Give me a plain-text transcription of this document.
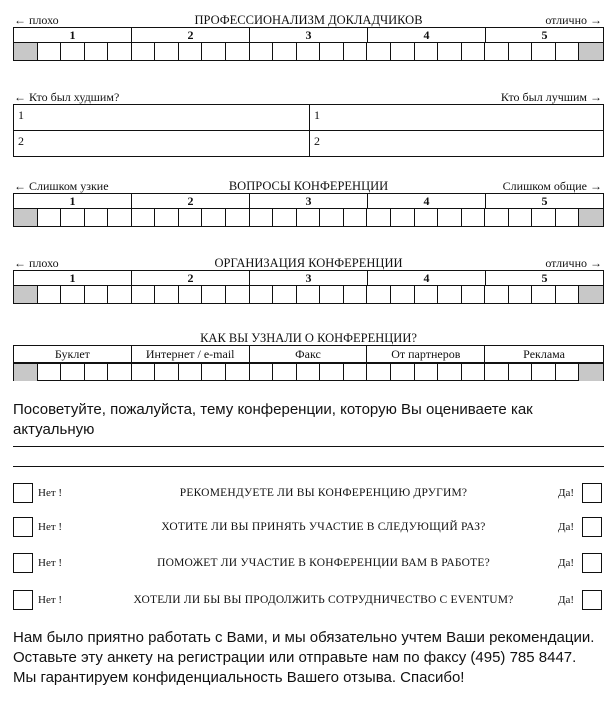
ПРОФЕССИОНАЛИЗМ ДОКЛАДЧИКОВ
← плохо	отлично →
1	2	3	4	5
← Кто был худшим?	Кто был лучшим →
1	1
2	2
ВОПРОСЫ КОНФЕРЕНЦИИ
← Слишком узкие	Слишком общие →
1	2	3	4	5
ОРГАНИЗАЦИЯ КОНФЕРЕНЦИИ
← плохо	отлично →
1	2	3	4	5
КАК ВЫ УЗНАЛИ О КОНФЕРЕНЦИИ?
Буклет	Интернет / e-mail	Факс	От партнеров	Реклама
Посоветуйте, пожалуйста, тему конференции, которую Вы оцениваете как актуальную
Нет !	РЕКОМЕНДУЕТЕ ЛИ ВЫ КОНФЕРЕНЦИЮ ДРУГИМ?	Да!
Нет !	ХОТИТЕ ЛИ ВЫ ПРИНЯТЬ УЧАСТИЕ В СЛЕДУЮЩИЙ РАЗ?	Да!
Нет !	ПОМОЖЕТ ЛИ УЧАСТИЕ В КОНФЕРЕНЦИИ ВАМ В РАБОТЕ?	Да!
Нет !	ХОТЕЛИ ЛИ БЫ ВЫ ПРОДОЛЖИТЬ СОТРУДНИЧЕСТВО С EVENTUM?	Да!
Нам было приятно работать с Вами, и мы обязательно учтем Ваши рекомендации.
Оставьте эту анкету на регистрации или отправьте нам по факсу (495) 785 8447.
Мы гарантируем конфиденциальность Вашего отзыва. Спасибо!
